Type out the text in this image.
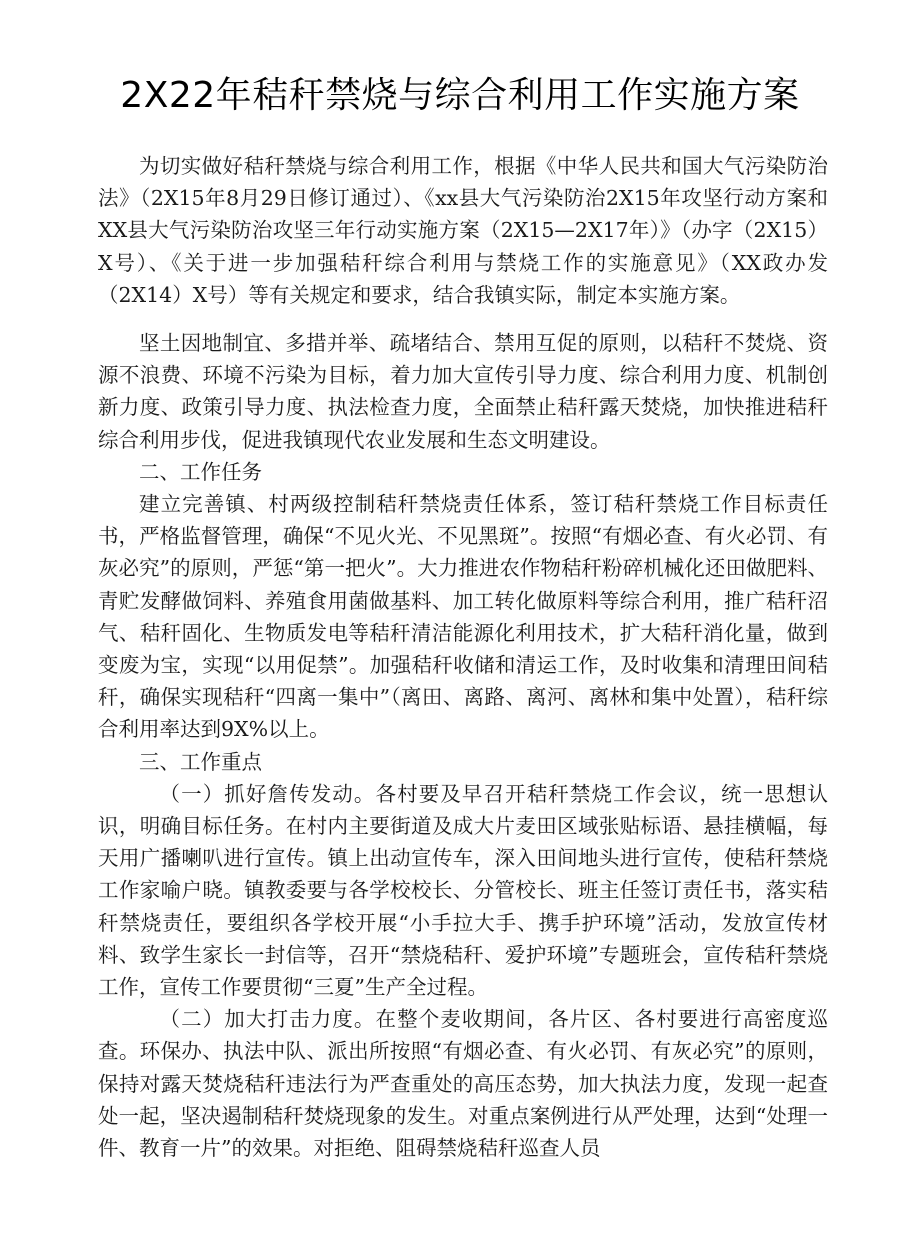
2X22年秸秆禁烧与综合利用工作实施方案

为切实做好秸秆禁烧与综合利用工作，根据《中华人民共和国大气污染防治法》（2X15年8月29日修订通过）、《xx县大气污染防治2X15年攻坚行动方案和XX县大气污染防治攻坚三年行动实施方案（2X15—2X17年）》（办字（2X15）X号）、《关于进一步加强秸秆综合利用与禁烧工作的实施意见》（XX政办发（2X14）X号）等有关规定和要求，结合我镇实际，制定本实施方案。

坚土因地制宜、多措并举、疏堵结合、禁用互促的原则，以秸秆不焚烧、资源不浪费、环境不污染为目标，着力加大宣传引导力度、综合利用力度、机制创新力度、政策引导力度、执法检查力度，全面禁止秸秆露天焚烧，加快推进秸秆综合利用步伐，促进我镇现代农业发展和生态文明建设。

二、工作任务

建立完善镇、村两级控制秸秆禁烧责任体系，签订秸秆禁烧工作目标责任书，严格监督管理，确保“不见火光、不见黑斑”。按照“有烟必查、有火必罚、有灰必究”的原则，严惩“第一把火”。大力推进农作物秸秆粉碎机械化还田做肥料、青贮发酵做饲料、养殖食用菌做基料、加工转化做原料等综合利用，推广秸秆沼气、秸秆固化、生物质发电等秸秆清洁能源化利用技术，扩大秸秆消化量，做到变废为宝，实现“以用促禁”。加强秸秆收储和清运工作，及时收集和清理田间秸秆，确保实现秸秆“四离一集中”（离田、离路、离河、离林和集中处置），秸秆综合利用率达到9X%以上。

三、工作重点

（一）抓好詹传发动。各村要及早召开秸秆禁烧工作会议，统一思想认识，明确目标任务。在村内主要街道及成大片麦田区域张贴标语、悬挂横幅，每天用广播喇叭进行宣传。镇上出动宣传车，深入田间地头进行宣传，使秸秆禁烧工作家喻户晓。镇教委要与各学校校长、分管校长、班主任签订责任书，落实秸秆禁烧责任，要组织各学校开展“小手拉大手、携手护环境”活动，发放宣传材料、致学生家长一封信等，召开“禁烧秸秆、爱护环境”专题班会，宣传秸秆禁烧工作，宣传工作要贯彻“三夏”生产全过程。

（二）加大打击力度。在整个麦收期间，各片区、各村要进行高密度巡查。环保办、执法中队、派出所按照“有烟必查、有火必罚、有灰必究”的原则，保持对露天焚烧秸秆违法行为严查重处的高压态势，加大执法力度，发现一起查处一起，坚决遏制秸秆焚烧现象的发生。对重点案例进行从严处理，达到“处理一件、教育一片”的效果。对拒绝、阻碍禁烧秸秆巡查人员
